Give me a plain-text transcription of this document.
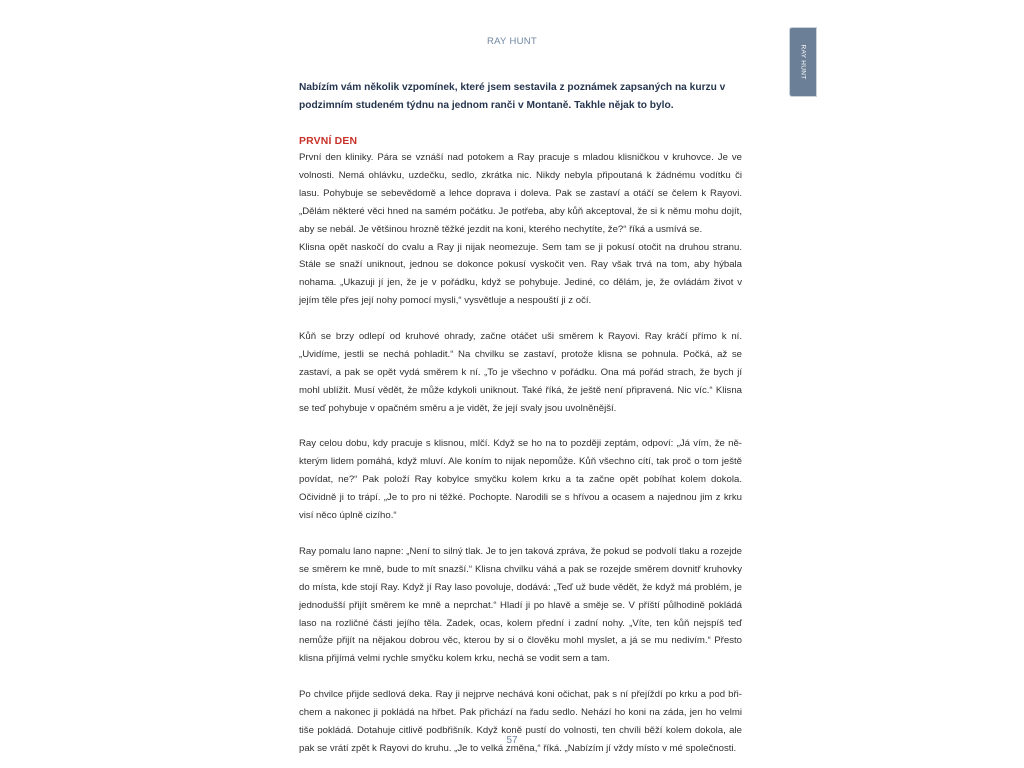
RAY HUNT
RAY HUNT

Nabízím vám několik vzpomínek, které jsem sestavila z poznámek zapsaných na kurzu v podzimním studeném týdnu na jednom ranči v Montaně. Takhle nějak to bylo.

PRVNÍ DEN

První den kliniky. Pára se vznáší nad potokem a Ray pracuje s mladou klisničkou v kruhovce. Je ve volnosti. Nemá ohlávku, uzdečku, sedlo, zkrátka nic. Nikdy nebyla připoutaná k žádnému vodítku či lasu. Pohybuje se sebevědomě a lehce doprava i doleva. Pak se zastaví a otáčí se čelem k Rayovi. „Dělám některé věci hned na samém počátku. Je potřeba, aby kůň akceptoval, že si k němu mohu dojít, aby se nebál. Je většinou hrozně těžké jezdit na koni, kterého nechytíte, že?“ říká a usmívá se.

Klisna opět naskočí do cvalu a Ray ji nijak neomezuje. Sem tam se ji pokusí otočit na druhou stranu. Stále se snaží uniknout, jednou se dokonce pokusí vyskočit ven. Ray však trvá na tom, aby hýbala nohama. „Ukazuji jí jen, že je v pořádku, když se pohybuje. Jediné, co dělám, je, že ovládám život v jejím těle přes její nohy pomocí mysli,“ vysvětluje a nespouští ji z očí.

Kůň se brzy odlepí od kruhové ohrady, začne otáčet uši směrem k Rayovi. Ray kráčí přímo k ní. „Uvidíme, jestli se nechá pohladit.“ Na chvilku se zastaví, protože klisna se pohnula. Počká, až se zastaví, a pak se opět vydá směrem k ní. „To je všechno v pořádku. Ona má pořád strach, že bych jí mohl ublížit. Musí vědět, že může kdykoli uniknout. Také říká, že ještě není připravená. Nic víc.“ Klisna se teď pohybuje v opačném směru a je vidět, že její svaly jsou uvolněnější.

Ray celou dobu, kdy pracuje s klisnou, mlčí. Když se ho na to později zeptám, odpoví: „Já vím, že některým lidem pomáhá, když mluví. Ale koním to nijak nepomůže. Kůň všechno cítí, tak proč o tom ještě povídat, ne?“ Pak položí Ray kobylce smyčku kolem krku a ta začne opět pobíhat kolem dokola. Očividně ji to trápí. „Je to pro ni těžké. Pochopte. Narodili se s hřívou a ocasem a najednou jim z krku visí něco úplně cizího.“

Ray pomalu lano napne: „Není to silný tlak. Je to jen taková zpráva, že pokud se podvolí tlaku a rozejde se směrem ke mně, bude to mít snazší.“ Klisna chvilku váhá a pak se rozejde směrem dovnitř kruhovky do místa, kde stojí Ray. Když jí Ray laso povoluje, dodává: „Teď už bude vědět, že když má problém, je jednodušší přijít směrem ke mně a neprchat.“ Hladí ji po hlavě a směje se. V příští půlhodině pokládá laso na rozličné části jejího těla. Zadek, ocas, kolem přední i zadní nohy. „Víte, ten kůň nejspíš teď nemůže přijít na nějakou dobrou věc, kterou by si o člověku mohl myslet, a já se mu nedivím.“ Přesto klisna přijímá velmi rychle smyčku kolem krku, nechá se vodit sem a tam.

Po chvilce přijde sedlová deka. Ray ji nejprve nechává koni očichat, pak s ní přejíždí po krku a pod břichem a nakonec ji pokládá na hřbet. Pak přichází na řadu sedlo. Nehází ho koni na záda, jen ho velmi tiše pokládá. Dotahuje citlivě podbřišník. Když koně pustí do volnosti, ten chvíli běží kolem dokola, ale pak se vrátí zpět k Rayovi do kruhu. „Je to velká změna,“ říká. „Nabízím jí vždy místo v mé společnosti.

57
